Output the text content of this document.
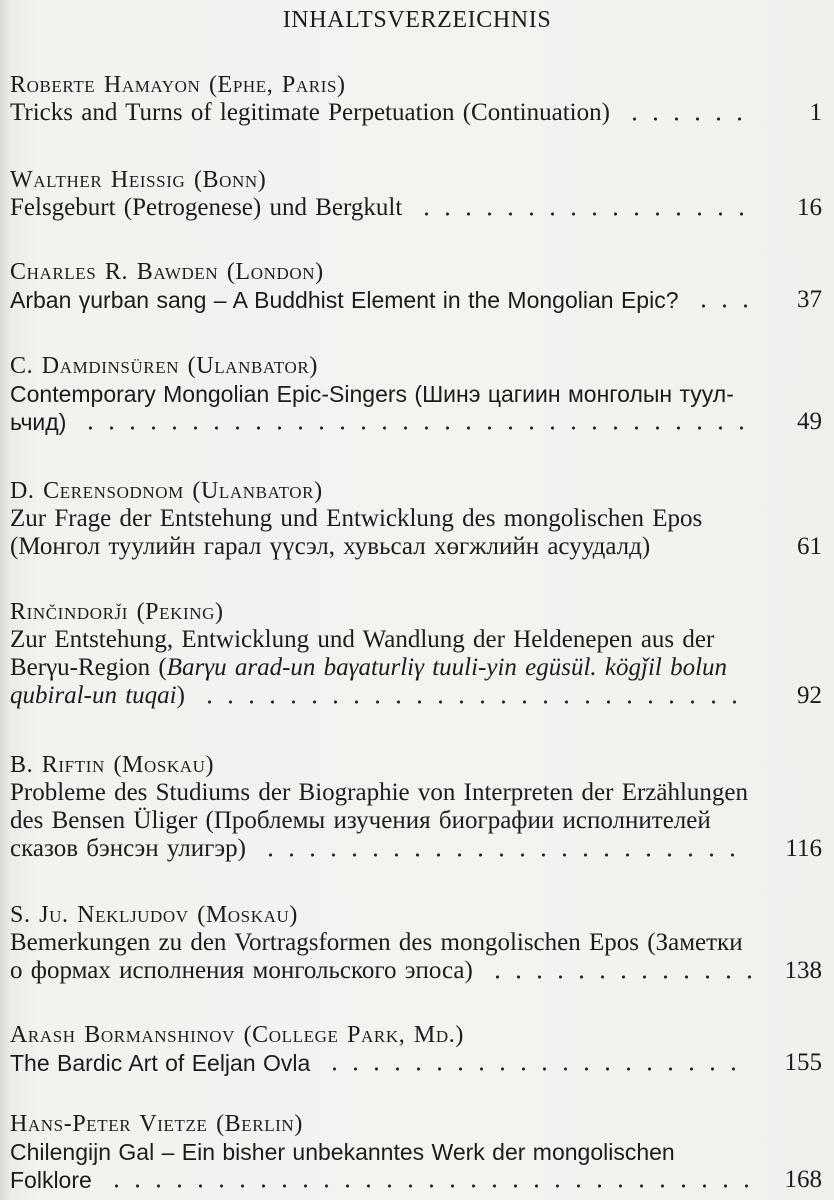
INHALTSVERZEICHNIS
Roberte Hamayon (Ephe, Paris)
Tricks and Turns of legitimate Perpetuation (Continuation)	1
Walther Heissig (Bonn)
Felsgeburt (Petrogenese) und Bergkult	16
Charles R. Bawden (London)
Arban γurban sang – A Buddhist Element in the Mongolian Epic?	37
C. Damdinsüren (Ulanbator)
Contemporary Mongolian Epic-Singers (Шинэ цагиин монголын туул-
ьчид)	49
D. Cerensodnom (Ulanbator)
Zur Frage der Entstehung und Entwicklung des mongolischen Epos
(Монгол туулийн гарал үүсэл, хувьсал хөгжлийн асуудалд)	61
Rinčindorǰi (Peking)
Zur Entstehung, Entwicklung und Wandlung der Heldenepen aus der
Berγu-Region (Barγu arad-un baγaturliγ tuuli-yin egüsül. kögǰil bolun
qubiral-un tuqai)	92
B. Riftin (Moskau)
Probleme des Studiums der Biographie von Interpreten der Erzählungen
des Bensen Üliger (Проблемы изучения биографии исполнителей
сказов бэнсэн улигэр)	116
S. Ju. Nekljudov (Moskau)
Bemerkungen zu den Vortragsformen des mongolischen Epos (Заметки
о формах исполнения монгольского эпоса)	138
Arash Bormanshinov (College Park, Md.)
The Bardic Art of Eeljan Ovla	155
Hans-Peter Vietze (Berlin)
Chilengijn Gal – Ein bisher unbekanntes Werk der mongolischen
Folklore	168
